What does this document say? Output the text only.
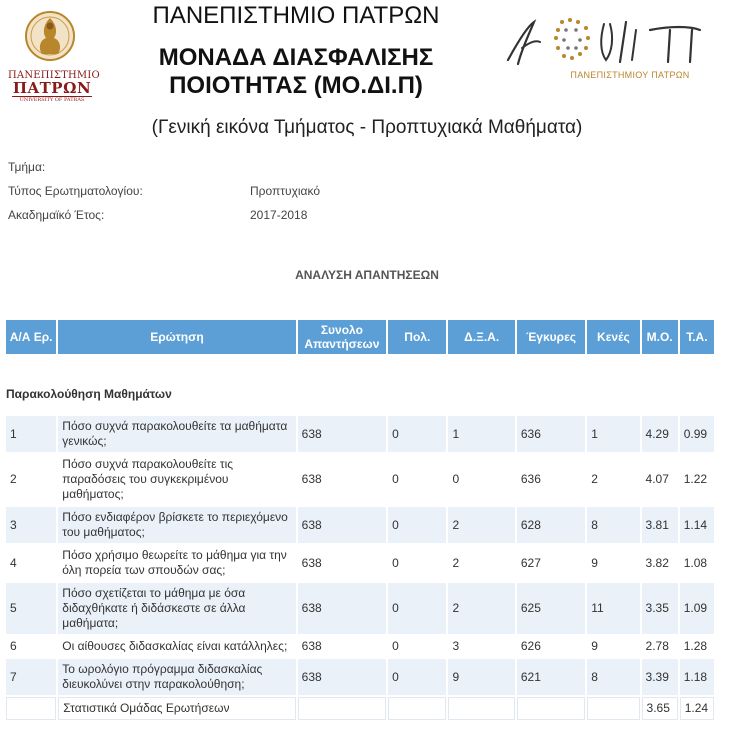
ΠΑΝΕΠΙΣΤΗΜΙΟ
ΠΑΤΡΩΝ
UNIVERSITY OF PATRAS
ΠΑΝΕΠΙΣΤΗΜΙΟ ΠΑΤΡΩΝ
ΜΟΝΑΔΑ ΔΙΑΣΦΑΛΙΣΗΣ ΠΟΙΟΤΗΤΑΣ (ΜΟ.ΔΙ.Π)	ΠΑΝΕΠΙΣΤΗΜΙΟΥ ΠΑΤΡΩΝ
(Γενική εικόνα Τμήματος - Προπτυχιακά Μαθήματα)
Τμήμα:
Τύπος Ερωτηματολογίου:	Προπτυχιακό
Ακαδημαϊκό Έτος:	2017-2018
ΑΝΑΛΥΣΗ ΑΠΑΝΤΗΣΕΩΝ
Α/Α Ερ.	Ερώτηση	Συνολο Απαντήσεων	Πολ.	Δ.Ξ.Α.	Έγκυρες	Κενές	Μ.Ο.	Τ.Α.

Παρακολούθηση Μαθημάτων								
1	Πόσο συχνά παρακολουθείτε τα μαθήματα γενικώς;	638	0	1	636	1	4.29	0.99
2	Πόσο συχνά παρακολουθείτε τις παραδόσεις του συγκεκριμένου μαθήματος;	638	0	0	636	2	4.07	1.22
3	Πόσο ενδιαφέρον βρίσκετε το περιεχόμενο του μαθήματος;	638	0	2	628	8	3.81	1.14
4	Πόσο χρήσιμο θεωρείτε το μάθημα για την όλη πορεία των σπουδών σας;	638	0	2	627	9	3.82	1.08
5	Πόσο σχετίζεται το μάθημα με όσα διδαχθήκατε ή διδάσκεστε σε άλλα μαθήματα;	638	0	2	625	11	3.35	1.09
6	Οι αίθουσες διδασκαλίας είναι κατάλληλες;	638	0	3	626	9	2.78	1.28
7	Το ωρολόγιο πρόγραμμα διδασκαλίας διευκολύνει στην παρακολούθηση;	638	0	9	621	8	3.39	1.18
	Στατιστικά Ομάδας Ερωτήσεων						3.65	1.24
